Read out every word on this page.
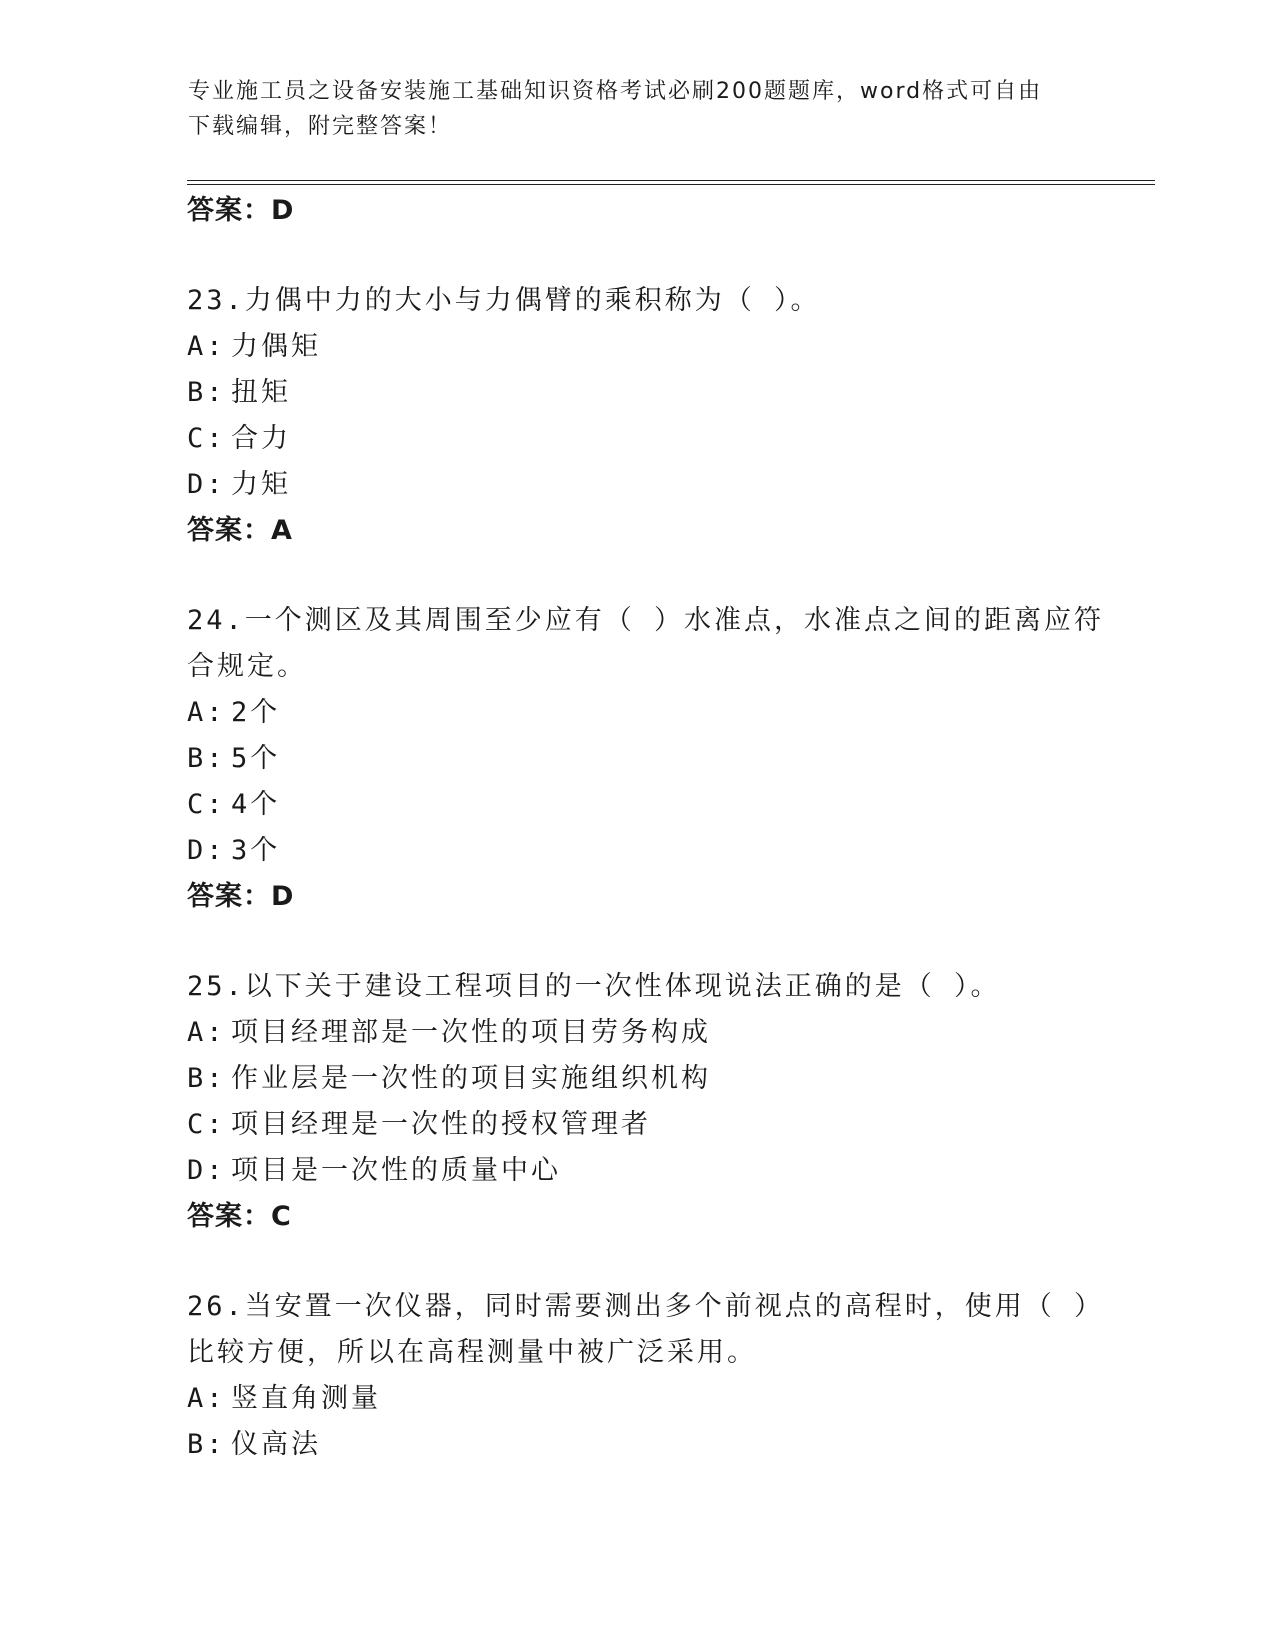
专业施工员之设备安装施工基础知识资格考试必刷200题题库，word格式可自由
下载编辑，附完整答案！
答案：D
23.力偶中力的大小与力偶臂的乘积称为（ ）。
A: 力偶矩
B: 扭矩
C: 合力
D: 力矩
答案：A
24.一个测区及其周围至少应有（ ）水准点，水准点之间的距离应符
合规定。
A: 2个
B: 5个
C: 4个
D: 3个
答案：D
25.以下关于建设工程项目的一次性体现说法正确的是（ ）。
A: 项目经理部是一次性的项目劳务构成
B: 作业层是一次性的项目实施组织机构
C: 项目经理是一次性的授权管理者
D: 项目是一次性的质量中心
答案：C
26.当安置一次仪器，同时需要测出多个前视点的高程时，使用（ ）
比较方便，所以在高程测量中被广泛采用。
A: 竖直角测量
B: 仪高法
